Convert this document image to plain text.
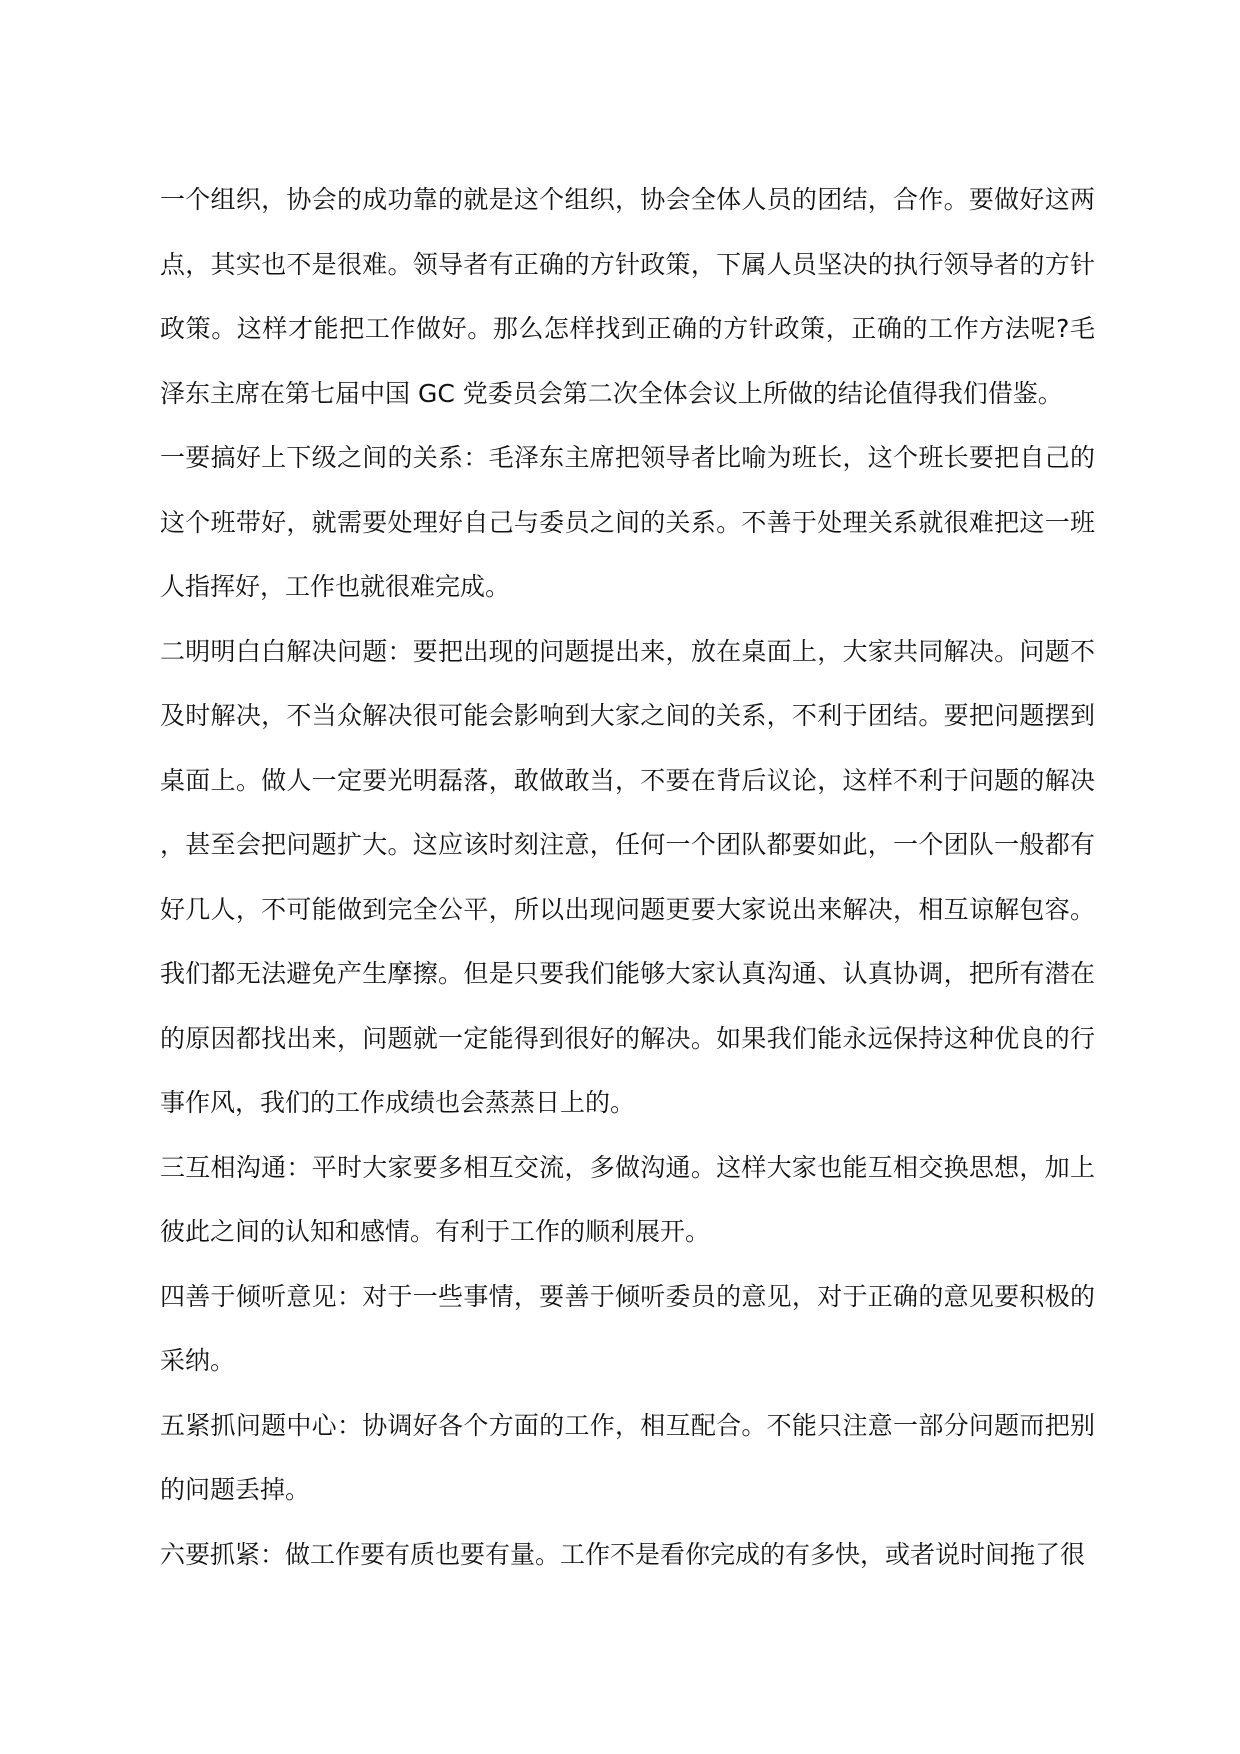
一个组织，协会的成功靠的就是这个组织，协会全体人员的团结，合作。要做好这两点，其实也不是很难。领导者有正确的方针政策，下属人员坚决的执行领导者的方针政策。这样才能把工作做好。那么怎样找到正确的方针政策，正确的工作方法呢?毛泽东主席在第七届中国 GC 党委员会第二次全体会议上所做的结论值得我们借鉴。

一要搞好上下级之间的关系：毛泽东主席把领导者比喻为班长，这个班长要把自己的这个班带好，就需要处理好自己与委员之间的关系。不善于处理关系就很难把这一班人指挥好，工作也就很难完成。

二明明白白解决问题：要把出现的问题提出来，放在桌面上，大家共同解决。问题不及时解决，不当众解决很可能会影响到大家之间的关系，不利于团结。要把问题摆到桌面上。做人一定要光明磊落，敢做敢当，不要在背后议论，这样不利于问题的解决，甚至会把问题扩大。这应该时刻注意，任何一个团队都要如此，一个团队一般都有好几人，不可能做到完全公平，所以出现问题更要大家说出来解决，相互谅解包容。我们都无法避免产生摩擦。但是只要我们能够大家认真沟通、认真协调，把所有潜在的原因都找出来，问题就一定能得到很好的解决。如果我们能永远保持这种优良的行事作风，我们的工作成绩也会蒸蒸日上的。

三互相沟通：平时大家要多相互交流，多做沟通。这样大家也能互相交换思想，加上彼此之间的认知和感情。有利于工作的顺利展开。

四善于倾听意见：对于一些事情，要善于倾听委员的意见，对于正确的意见要积极的采纳。

五紧抓问题中心：协调好各个方面的工作，相互配合。不能只注意一部分问题而把别的问题丢掉。

六要抓紧：做工作要有质也要有量。工作不是看你完成的有多快，或者说时间拖了很
